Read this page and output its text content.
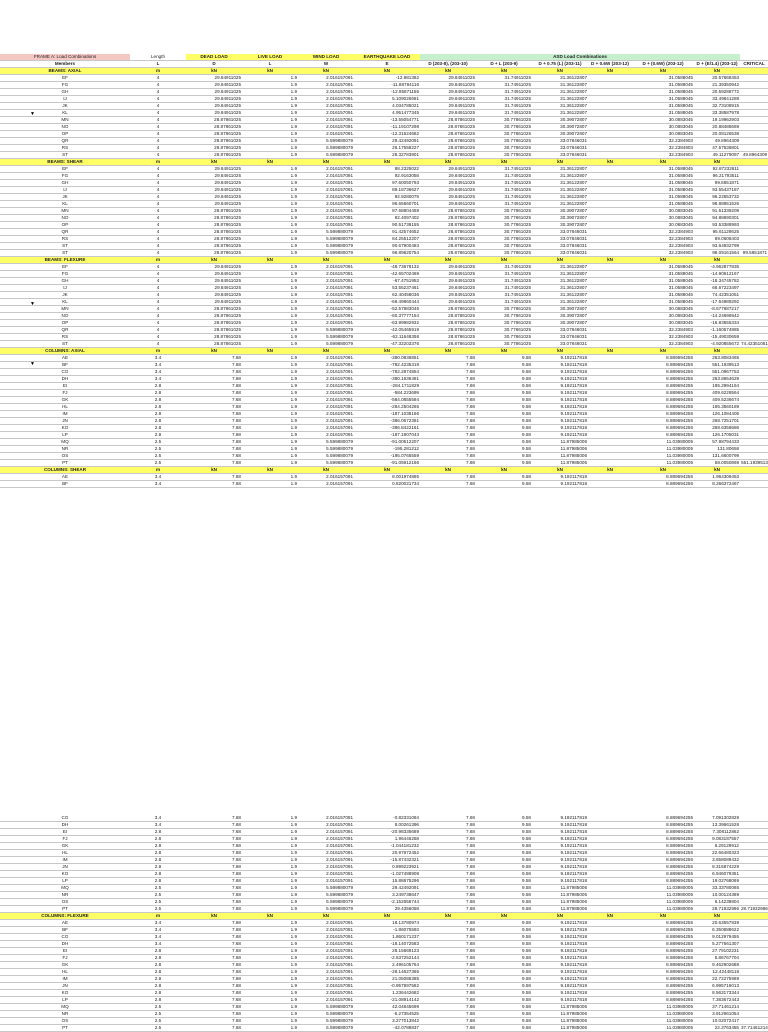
FRAME A: Load Combinations	Length	DEAD LOAD	LIVE LOAD	WIND LOAD	EARTHQUAKE LOAD	ASD Load Combinations						
Members	L	D	L	W	E	D (203-8), (203-10)	D + L (203-9)	D + 0.75 (L) (203-11)	D + 0.6W (203-12)	D + (0.6W) (203-12)	D + (E/1.4) (203-12)	CRITICAL
BEAMS: AXIAL	m	kN	kN	kN	kN	kN	kN	kN	kN	kN	kN	
EF	4	29.84911025	1.9	2.016157091	-12.981382	29.84911025	31.74911025	31.36122807		31.0588045	20.57668453	
FG	4	29.84911025	1.9	2.016157091	-11.88784116	29.84911025	31.74911025	31.36122807		31.0588045	21.39350942	
GH	4	29.84911025	1.9	2.016157091	-12.95871155	29.84911025	31.74911025	31.36122807		31.0588045	20.59288772	
IJ	4	29.84911025	1.9	2.016157091	5.109026681	29.84911025	31.74911025	31.36122807		31.0588045	33.49841288	
JK	4	29.84911025	1.9	2.016157091	4.034785021	29.84911025	31.74911025	31.36122807		31.0588045	32.73108915	
KL	4	29.84911025	1.9	2.016157091	4.951477345	29.84911025	31.74911025	31.36122807		31.0588045	33.38587978	
MN	4	28.87861025	1.9	2.016157091	-13.55054771	28.87861025	30.77861025	30.39072807		30.0883045	19.19962903	
NO	4	28.87861025	1.9	2.016157091	-11.19107298	28.87861025	30.77861025	30.39072807		30.0883045	20.88488669	
OP	4	28.87861025	1.9	2.016157091	-12.31624682	28.87861025	30.77861025	30.39072807		30.0883045	20.08126538	
QR	4	28.87861025	1.9	5.599880079	29.42492091	28.87861025	30.77861025	33.07846031		32.2384903	49.8964309	
RS	4	28.87861025	1.9	5.599880079	26.17558227	28.87861025	30.77861025	33.07846031		32.2384903	47.57536801	
ST	4	28.87861025	1.9	5.599880079	28.32783901	28.87861025	30.77861025	33.07846031		32.2384903	49.11279097	49.8964309
BEAMS: SHEAR	m	kN	kN	kN	kN	kN	kN	kN	kN	kN	kN	
EF	4	29.84911025	1.9	2.016157091	88.2325022	29.84911025	31.74911025	31.36122807		31.0588045	92.87232611	
FG	4	29.84911025	1.9	2.016157091	92.9163058	29.84911025	31.74911025	31.36122807		31.0588045	96.21793511	
GH	4	29.84911025	1.9	2.016157091	97.60050793	29.84911025	31.74911025	31.36122807		31.0588045	99.5651871	
IJ	4	29.84911025	1.9	2.016157091	89.18736627	29.84911025	31.74911025	31.36122807		31.0588045	93.55437187	
JK	4	29.84911025	1.9	2.016157091	92.9280079	29.84911025	31.74911025	31.36122807		31.0588045	96.22653732	
KL	4	29.84911025	1.9	2.016157091	96.65660701	29.84911025	31.74911025	31.36122807		31.0588045	98.88951526	
MN	4	28.87861025	1.9	2.016157091	87.68804458	28.87861025	30.77861025	30.39072807		30.0883045	91.51339209	
NO	4	28.87861025	1.9	2.016157091	92.4097402	28.87861025	30.77861025	30.39072807		30.0883045	94.88690301	
OP	4	28.87861025	1.9	2.016157091	90.51739155	28.87861025	30.77861025	30.39072807		30.0883045	93.53388993	
QR	4	28.87861025	1.9	5.599880079	91.42574652	28.87861025	30.77861025	33.07846031		32.2384903	95.61128625	
RS	4	28.87861025	1.9	5.599880079	84.25512207	28.87861025	30.77861025	33.07846031		32.2384903	89.0608403	
ST	4	28.87861025	1.9	5.599880079	90.67900483	28.87861025	30.77861025	33.07846031		32.2384903	93.64932799	
ST	4	28.87861025	1.9	5.599880079	96.89820754	28.87861025	30.77861025	33.07846031		32.2384903	98.09161564	99.5651871
BEAMS: FLEXURE	m	kN	kN	kN	kN	kN	kN	kN	kN	kN	kN	
EF	4	29.84911025	1.9	2.016157091	-48.73678132	29.84911025	31.74911025	31.36122807		31.0588045	-4.962877835	
FG	4	29.84911025	1.9	2.016157091	-42.65702469	29.84911025	31.74911025	31.36122807		31.0588045	-14.90612167	
GH	4	29.84911025	1.9	2.016157091	-67.4751953	29.84911025	31.74911025	31.36122807		31.0588045	-18.34745782	
IJ	4	29.84911025	1.9	2.016157091	53.55237461	29.84911025	31.74911025	31.36122807		31.0588045	66.67223497	
JK	4	29.84911025	1.9	2.016157091	62.40458036	29.84911025	31.74911025	31.36122807		31.0588045	74.42351051	
KL	4	29.84911025	1.9	2.016157091	-66.49860444	29.84911025	31.74911025	31.36122807		31.0588045	-17.64989292	
MN	4	28.87861025	1.9	2.016157091	-52.57883045	28.87861025	30.77861025	30.39072807		30.0883045	-8.677687217	
NO	4	28.87861025	1.9	2.016157091	-60.37777154	28.87861025	30.77861025	30.39072807		30.0883045	-14.24696942	
OP	4	28.87861025	1.9	2.016157091	-63.99982932	28.87861025	30.77861025	30.39072807		30.0883045	-16.83555334	
QR	4	28.87861025	1.9	5.599880079	-42.05465919	28.87861025	30.77861025	33.07846031		32.2384903	-1.160574885	
RS	4	28.87861025	1.9	5.599880079	-62.11648358	28.87861025	30.77861025	33.07846031		32.2384903	-15.49030659	
ST	4	28.87861025	1.9	5.599880079	-47.32203376	28.87861025	30.77861025	33.07846031		32.2384903	-4.920855672	74.42351051
COLUMNS: AXIAL	m	kN	kN	kN	kN	kN	kN	kN	kN	kN	kN	
AE	3.4	7.68	1.9	2.016157091	-380.0836851	7.68	9.58	9.192117818		8.889694255	263.8083465	
BF	3.4	7.68	1.9	2.016157091	-782.4235318	7.68	9.58	9.192117818		8.889694255	551.1939513	
CG	3.4	7.68	1.9	2.016157091	-782.2874854	7.68	9.58	9.192117818		8.889694255	551.0967753	
DH	3.4	7.68	1.9	2.016157091	-380.1636481	7.68	9.58	9.192117818		8.889694255	263.8654629	
EI	2.8	7.68	1.9	2.016157091	-284.1711829	7.68	9.58	9.192117818		8.889694255	195.2994164	
FJ	2.8	7.68	1.9	2.016157091	-584.223699	7.68	9.58	9.192117818		8.889694255	409.6228564	
GK	2.8	7.68	1.9	2.016157091	-584.0855594	7.68	9.58	9.192117818		8.889694255	409.5236674	
HL	2.8	7.68	1.9	2.016157091	-284.2504265	7.68	9.58	9.192117818		8.889694255	195.3560189	
IM	2.8	7.68	1.9	2.016157091	-187.1038166	7.68	9.58	9.192117818		8.889694255	126.1084405	
JN	2.8	7.68	1.9	2.016157091	-386.0672381	7.68	9.58	9.192117818		8.889694255	268.7251701	
KO	2.8	7.68	1.9	2.016157091	-386.8422161	7.68	9.58	9.192117818		8.889694255	268.6358686	
LP	2.8	7.68	1.9	2.016157091	-187.1907043	7.68	9.58	9.192117818		8.889694255	126.1705031	
MQ	2.5	7.68	1.9	5.599880079	-91.00512207	7.68	9.58	11.87985006		11.03980005	57.98794433	
NR	2.5	7.68	1.9	5.599880079	-195.281212	7.68	9.58	11.87985006		11.03980005	131.80658	
OS	2.5	7.68	1.9	5.599880079	-195.0765559	7.68	9.58	11.87985006		11.03980005	131.6600799	
PT	2.5	7.68	1.9	5.599880079	-91.05912166	7.68	9.58	11.87985006		11.03980005	58.0050869	551.1939513
COLUMNS: SHEAR	m	kN	kN	kN	kN	kN	kN	kN	kN	kN	kN	
AE	3.4	7.68	1.9	2.016157091	8.001974885	7.68	9.58	9.192117818		8.889694255	1.964309453	
BF	3.4	7.68	1.9	2.016157091	0.820021734	7.68	9.58	9.192117818		8.889694255	8.266372467	
CG	3.4	7.68	1.9	2.016157091	-0.82331084	7.68	9.58	9.192117818		8.889694255	7.091302829	
DH	3.4	7.68	1.9	2.016157091	8.00261396	7.68	9.58	9.192117818		8.889694255	13.39661528	
EI	2.8	7.68	1.9	2.016157091	-20.98335689	7.68	9.58	9.192117818		8.889694255	7.308112862	
FJ	2.8	7.68	1.9	2.016157091	1.96446258	7.68	9.58	9.192117818		8.889694255	9.083187557	
GK	2.8	7.68	1.9	2.016157091	-1.044181232	7.68	9.58	9.192117818		8.889694255	6.29129912	
HL	2.8	7.68	1.9	2.016157091	20.97872452	7.68	9.58	9.192117818		8.889694255	22.66480323	
IM	2.8	7.68	1.9	2.016157091	-15.87432321	7.68	9.58	9.192117818		8.889694255	3.658089432	
JN	2.8	7.68	1.9	2.016157091	0.899223921	7.68	9.58	9.192117818		8.889694255	8.315874229	
KO	2.8	7.68	1.9	2.016157091	-1.027488908	7.68	9.58	9.192117818		8.889694255	6.946079351	
LP	2.8	7.68	1.9	2.016157091	15.88675296	7.68	9.58	9.192117818		8.889694255	19.02768069	
MQ	2.5	7.68	1.9	5.599880079	29.42492091	7.68	9.58	11.87985006		11.03980005	33.33780065	
NR	2.5	7.68	1.9	5.599880079	3.249738647	7.68	9.58	11.87985006		11.03980005	10.00124389	
OS	2.5	7.68	1.9	5.599880079	-2.152656744	7.68	9.58	11.87985006		11.03980005	6.14238804	
PT	2.5	7.68	1.9	5.599880079	29.4356058	7.68	9.58	11.87985006		11.03980005	28.71932986	28.71932986
COLUMNS: FLEXURE	m	kN	kN	kN	kN	kN	kN	kN	kN	kN	kN	
AE	3.4	7.68	1.9	2.016157091	18.13780974	7.68	9.58	9.192117818		8.889694255	20.63557839	
BF	3.4	7.68	1.9	2.016157091	-1.86075593	7.68	9.58	9.192117818		8.889694255	6.350888622	
CG	3.4	7.68	1.9	2.016157091	1.860171237	7.68	9.58	9.192117818		8.889694255	9.012979455	
DH	3.4	7.68	1.9	2.016157091	-18.14072583	7.68	9.58	9.192117818		8.889694255	5.277661307	
EI	2.8	7.68	1.9	2.016157091	28.15669123	7.68	9.58	9.192117818		8.889694255	27.79102231	
FJ	2.8	7.68	1.9	2.016157091	-2.537252144	7.68	9.58	9.192117818		8.889694255	5.86767704	
GK	2.8	7.68	1.9	2.016157091	2.496105764	7.68	9.58	9.192117818		8.889694255	9.462902688	
HL	2.8	7.68	1.9	2.016157091	-28.14627365	7.68	9.58	9.192117818		8.889694255	12.42448118	
IM	2.8	7.68	1.9	2.016157091	21.05086385	7.68	9.58	9.192117818		8.889694255	22.72275989	
JN	2.8	7.68	1.9	2.016157091	-0.957997582	7.68	9.58	9.192117818		8.889694255	6.995716013	
KO	2.8	7.68	1.9	2.016157091	1.236442682	7.68	9.58	9.192117818		8.889694255	8.563173344	
LP	2.8	7.68	1.9	2.016157091	-21.08914142	7.68	9.58	9.192117818		8.889694255	7.383672443	
MQ	2.5	7.68	1.9	5.599880079	42.04845699	7.68	9.58	11.87985006		11.03980005	37.71461214	
NR	2.5	7.68	1.9	5.599880079	-5.27354525	7.68	9.58	11.87985006		11.03980005	3.912961054	
OS	2.5	7.68	1.9	5.599880079	3.277013842	7.68	9.58	11.87985006		11.03980005	10.02072417	
PT	2.5	7.68	1.9	5.599880079	-42.0788837	7.68	9.58	11.87985006		11.03980005	22.3763455	37.71461214
▼
▼
▼
